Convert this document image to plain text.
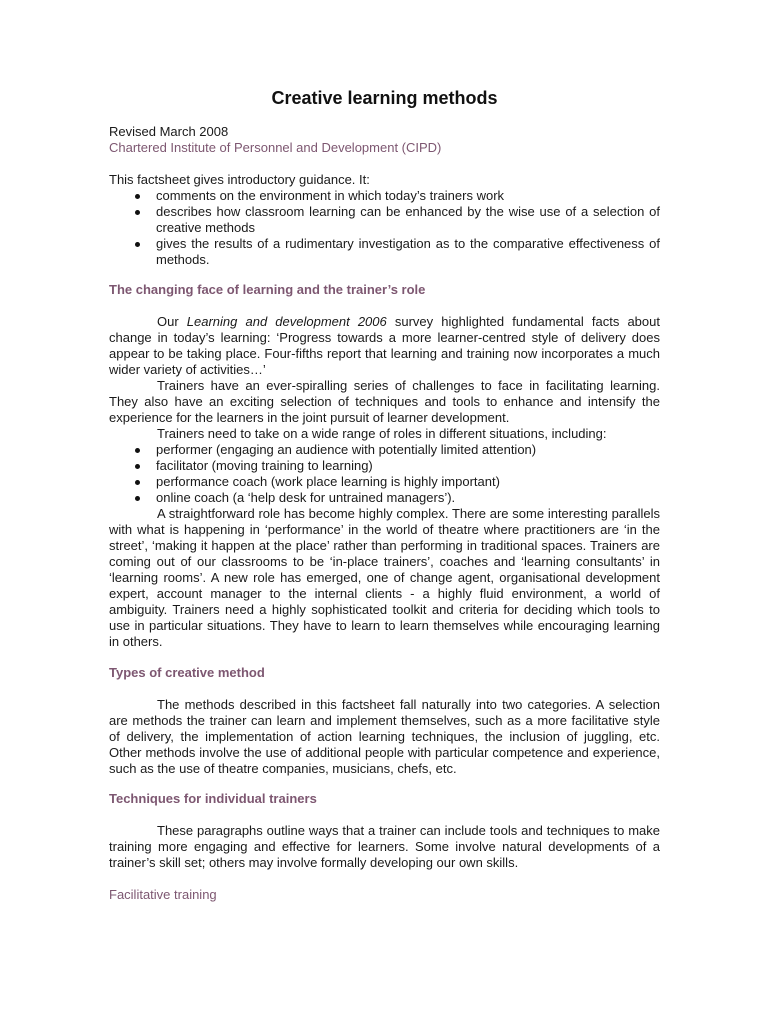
Creative learning methods
Revised March 2008
Chartered Institute of Personnel and Development (CIPD)
This factsheet gives introductory guidance. It:
comments on the environment in which today’s trainers work
describes how classroom learning can be enhanced by the wise use of a selection of creative methods
gives the results of a rudimentary investigation as to the comparative effectiveness of methods.
The changing face of learning and the trainer’s role

Our Learning and development 2006 survey highlighted fundamental facts about change in today’s learning: ‘Progress towards a more learner-centred style of delivery does appear to be taking place. Four-fifths report that learning and training now incorporates a much wider variety of activities…’

Trainers have an ever-spiralling series of challenges to face in facilitating learning. They also have an exciting selection of techniques and tools to enhance and intensify the experience for the learners in the joint pursuit of learner development.

Trainers need to take on a wide range of roles in different situations, including:

performer (engaging an audience with potentially limited attention)
facilitator (moving training to learning)
performance coach (work place learning is highly important)
online coach (a ‘help desk for untrained managers’).

A straightforward role has become highly complex. There are some interesting parallels with what is happening in ‘performance’ in the world of theatre where practitioners are ‘in the street’, ‘making it happen at the place’ rather than performing in traditional spaces. Trainers are coming out of our classrooms to be ‘in-place trainers’, coaches and ‘learning consultants’ in ‘learning rooms’. A new role has emerged, one of change agent, organisational development expert, account manager to the internal clients - a highly fluid environment, a world of ambiguity. Trainers need a highly sophisticated toolkit and criteria for deciding which tools to use in particular situations. They have to learn to learn themselves while encouraging learning in others.

Types of creative method

The methods described in this factsheet fall naturally into two categories. A selection are methods the trainer can learn and implement themselves, such as a more facilitative style of delivery, the implementation of action learning techniques, the inclusion of juggling, etc. Other methods involve the use of additional people with particular competence and experience, such as the use of theatre companies, musicians, chefs, etc.

Techniques for individual trainers

These paragraphs outline ways that a trainer can include tools and techniques to make training more engaging and effective for learners. Some involve natural developments of a trainer’s skill set; others may involve formally developing our own skills.

Facilitative training
